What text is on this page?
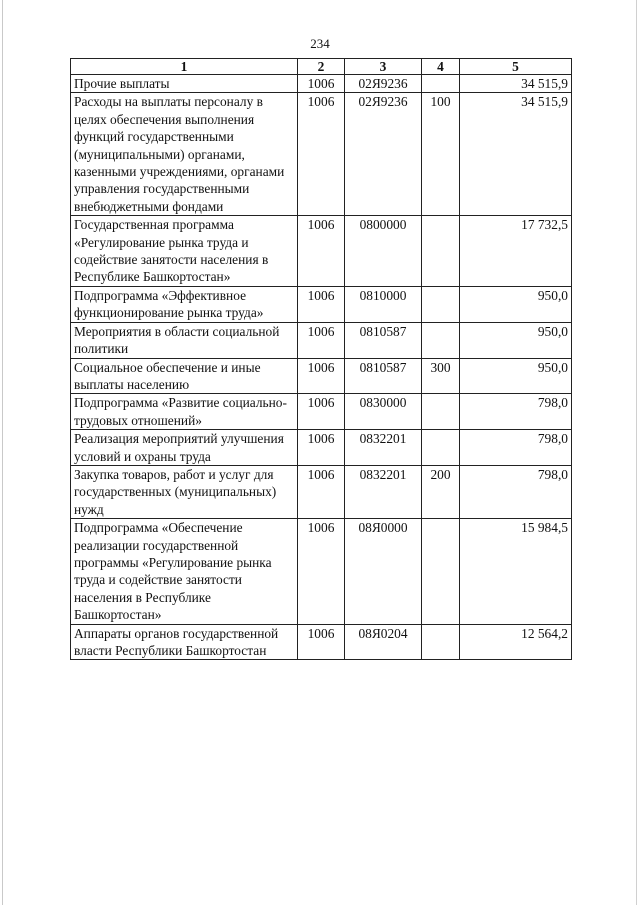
234
1	2	3	4	5
Прочие выплаты	1006	02Я9236		34 515,9
Расходы на выплаты персоналу в целях обеспечения выполнения функций государственными (муниципальными) органами, казенными учреждениями, органами управления государственными внебюджетными фондами	1006	02Я9236	100	34 515,9
Государственная программа «Регулирование рынка труда и содействие занятости населения в Республике Башкортостан»	1006	0800000		17 732,5
Подпрограмма «Эффективное функционирование рынка труда»	1006	0810000		950,0
Мероприятия в области социальной политики	1006	0810587		950,0
Социальное обеспечение и иные выплаты населению	1006	0810587	300	950,0
Подпрограмма «Развитие социально-трудовых отношений»	1006	0830000		798,0
Реализация мероприятий улучшения условий и охраны труда	1006	0832201		798,0
Закупка товаров, работ и услуг для государственных (муниципальных) нужд	1006	0832201	200	798,0
Подпрограмма «Обеспечение реализации государственной программы «Регулирование рынка труда и содействие занятости населения в Республике Башкортостан»	1006	08Я0000		15 984,5
Аппараты органов государственной власти Республики Башкортостан	1006	08Я0204		12 564,2
